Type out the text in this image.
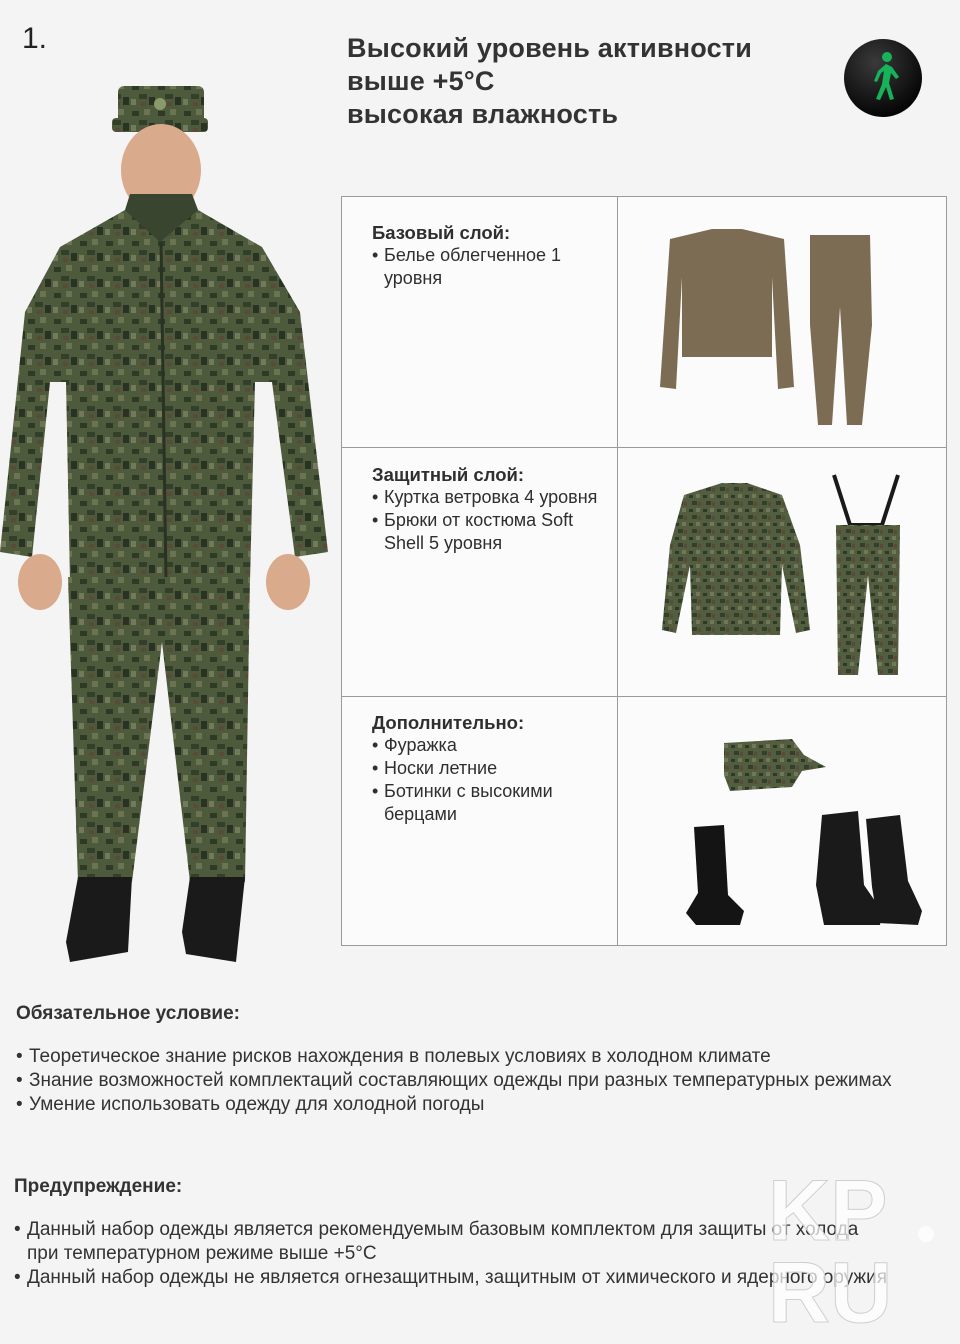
1.	Высокий уровень активности
выше +5°C
высокая влажность
Базовый слой:
• Белье облегченное 1 уровня
Защитный слой:
• Куртка ветровка 4 уровня
• Брюки от костюма Soft Shell 5 уровня
Дополнительно:
• Фуражка
• Носки летние
• Ботинки с высокими берцами
Обязательное условие:
• Теоретическое знание рисков нахождения в полевых условиях в холодном климате
• Знание возможностей комплектаций составляющих одежды при разных температурных режимах
• Умение использовать одежду для холодной погоды
Предупреждение:
• Данный набор одежды является рекомендуемым базовым комплектом для защиты от холода при температурном режиме выше +5°C
• Данный набор одежды не является огнезащитным, защитным от химического и ядерного оружия
KP
RU
